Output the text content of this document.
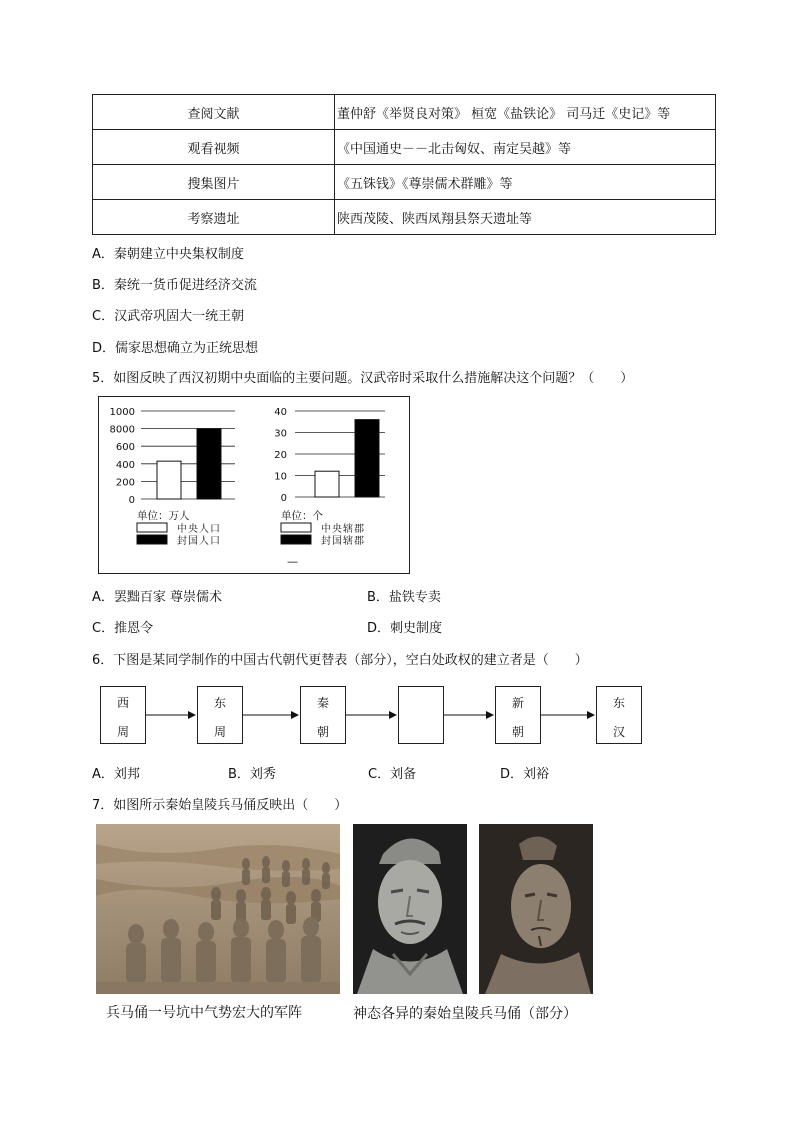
查阅文献	董仲舒《举贤良对策》 桓宽《盐铁论》 司马迁《史记》等
观看视频	《中国通史－－北击匈奴、南定吴越》等
搜集图片	《五铢钱》《尊崇儒术群雕》等
考察遗址	陕西茂陵、陕西凤翔县祭天遗址等
A．秦朝建立中央集权制度
B．秦统一货币促进经济交流
C．汉武帝巩固大一统王朝
D．儒家思想确立为正统思想
5．如图反映了西汉初期中央面临的主要问题。汉武帝时采取什么措施解决这个问题？（　　）
1000
8000
600
400
200
0
单位：万人
中央人口
封国人口
40
30
20
10
0
单位：个
中央辖郡
封国辖郡
—
A．罢黜百家 尊崇儒术	B．盐铁专卖
C．推恩令	D．刺史制度
6．下图是某同学制作的中国古代朝代更替表（部分），空白处政权的建立者是（　　）
西
周
东
周
秦
朝
新
朝
东
汉
A．刘邦	B．刘秀	C．刘备	D．刘裕
7．如图所示秦始皇陵兵马俑反映出（　　）
兵马俑一号坑中气势宏大的军阵	神态各异的秦始皇陵兵马俑（部分）
